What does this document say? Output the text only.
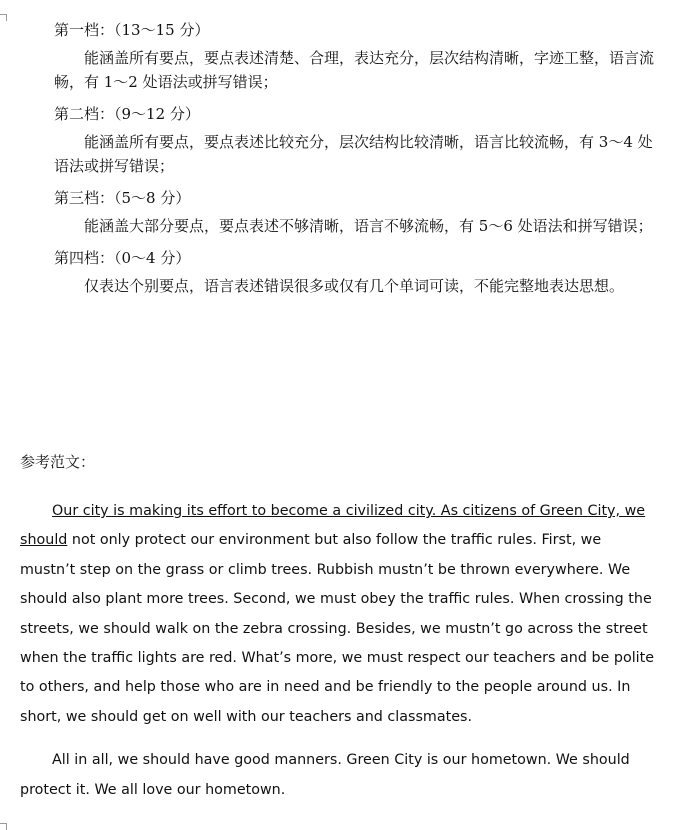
第一档：（13～15 分）

能涵盖所有要点，要点表述清楚、合理，表达充分，层次结构清晰，字迹工整，语言流畅，有 1～2 处语法或拼写错误；

第二档：（9～12 分）

能涵盖所有要点，要点表述比较充分，层次结构比较清晰，语言比较流畅，有 3～4 处语法或拼写错误；

第三档：（5～8 分）

能涵盖大部分要点，要点表述不够清晰，语言不够流畅，有 5～6 处语法和拼写错误；

第四档：（0～4 分）

仅表达个别要点，语言表述错误很多或仅有几个单词可读，不能完整地表达思想。

参考范文：

Our city is making its effort to become a civilized city. As citizens of Green City, we should not only protect our environment but also follow the traffic rules. First, we mustn’t step on the grass or climb trees. Rubbish mustn’t be thrown everywhere. We should also plant more trees. Second, we must obey the traffic rules. When crossing the streets, we should walk on the zebra crossing. Besides, we mustn’t go across the street when the traffic lights are red. What’s more, we must respect our teachers and be polite to others, and help those who are in need and be friendly to the people around us. In short, we should get on well with our teachers and classmates.

All in all, we should have good manners. Green City is our hometown. We should protect it. We all love our hometown.
